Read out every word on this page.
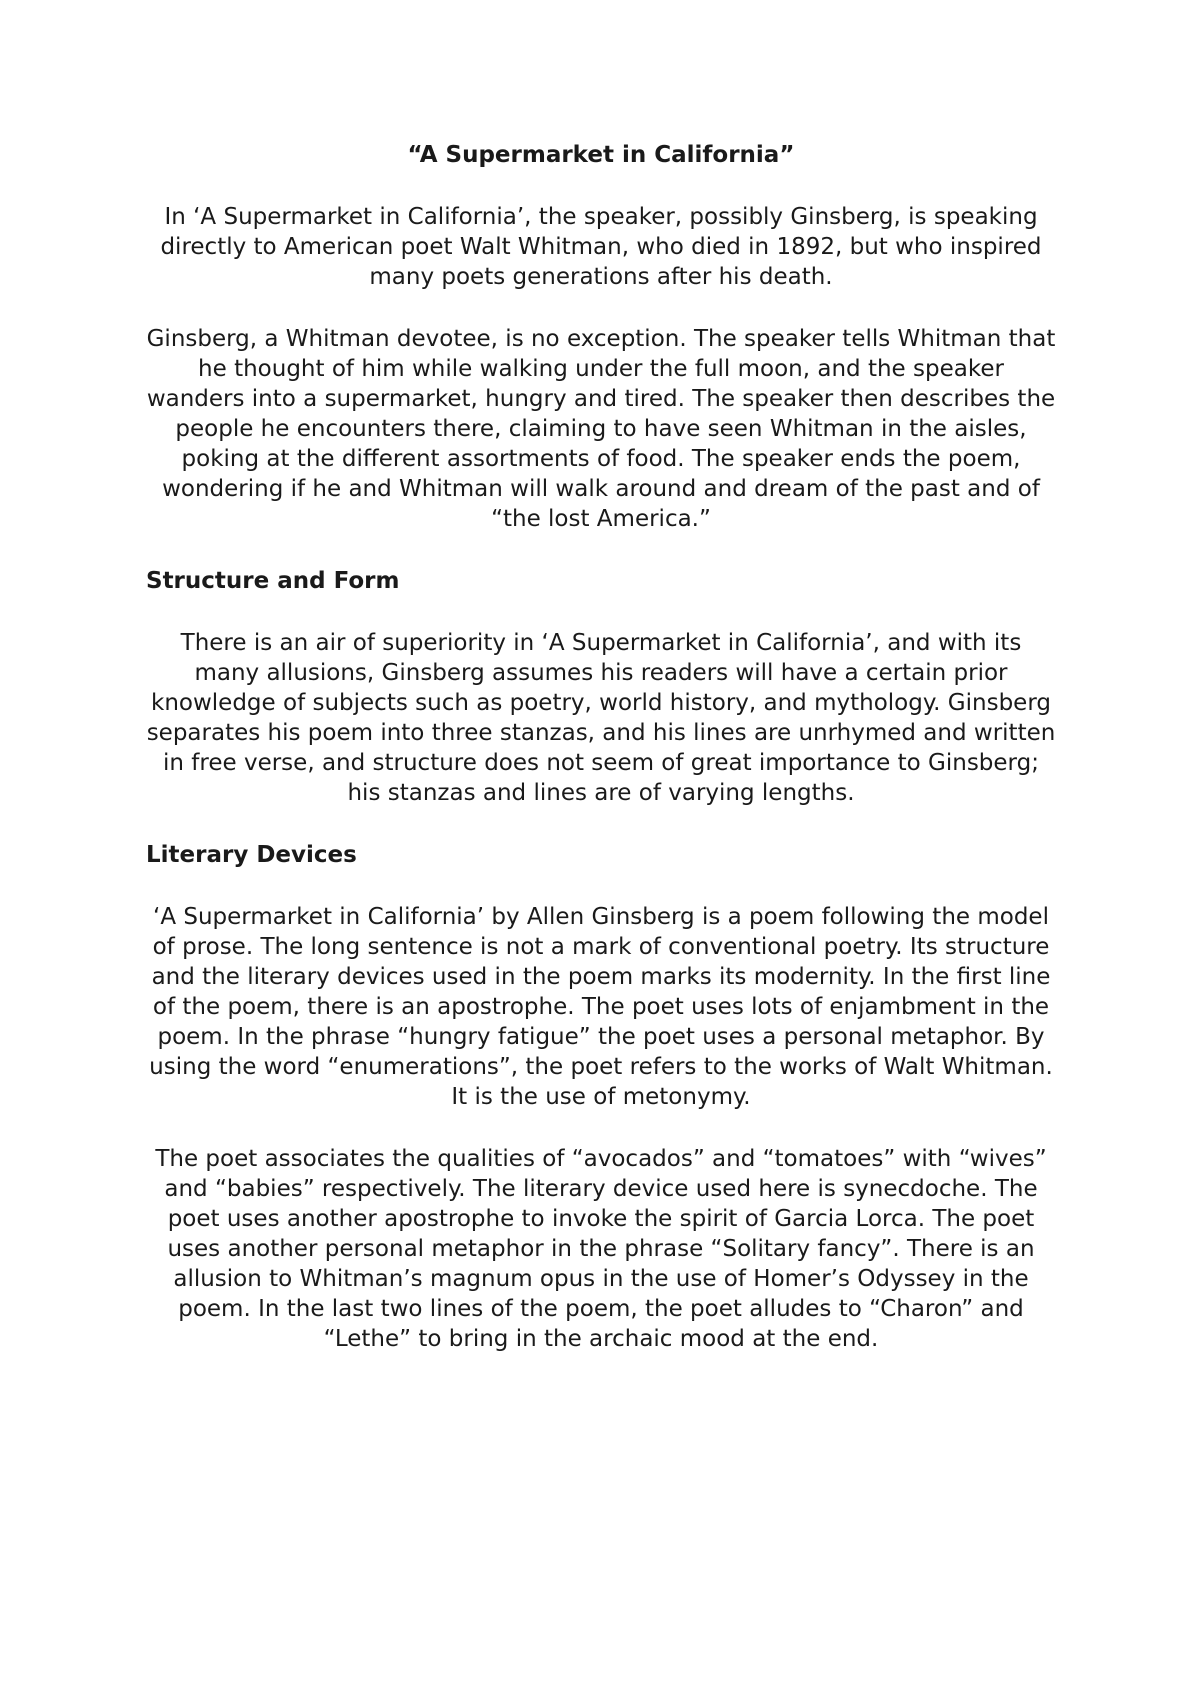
“A Supermarket in California”

In ‘A Supermarket in California’, the speaker, possibly Ginsberg, is speaking directly to American poet Walt Whitman, who died in 1892, but who inspired many poets generations after his death.

Ginsberg, a Whitman devotee, is no exception. The speaker tells Whitman that he thought of him while walking under the full moon, and the speaker wanders into a supermarket, hungry and tired. The speaker then describes the people he encounters there, claiming to have seen Whitman in the aisles, poking at the different assortments of food. The speaker ends the poem, wondering if he and Whitman will walk around and dream of the past and of “the lost America.”

Structure and Form

There is an air of superiority in ‘A Supermarket in California’, and with its many allusions, Ginsberg assumes his readers will have a certain prior knowledge of subjects such as poetry, world history, and mythology. Ginsberg separates his poem into three stanzas, and his lines are unrhymed and written in free verse, and structure does not seem of great importance to Ginsberg; his stanzas and lines are of varying lengths.

Literary Devices

‘A Supermarket in California’ by Allen Ginsberg is a poem following the model of prose. The long sentence is not a mark of conventional poetry. Its structure and the literary devices used in the poem marks its modernity. In the first line of the poem, there is an apostrophe. The poet uses lots of enjambment in the poem. In the phrase “hungry fatigue” the poet uses a personal metaphor. By using the word “enumerations”, the poet refers to the works of Walt Whitman. It is the use of metonymy.

The poet associates the qualities of “avocados” and “tomatoes” with “wives” and “babies” respectively. The literary device used here is synecdoche. The poet uses another apostrophe to invoke the spirit of Garcia Lorca. The poet uses another personal metaphor in the phrase “Solitary fancy”. There is an allusion to Whitman’s magnum opus in the use of Homer’s Odyssey in the poem. In the last two lines of the poem, the poet alludes to “Charon” and “Lethe” to bring in the archaic mood at the end.
